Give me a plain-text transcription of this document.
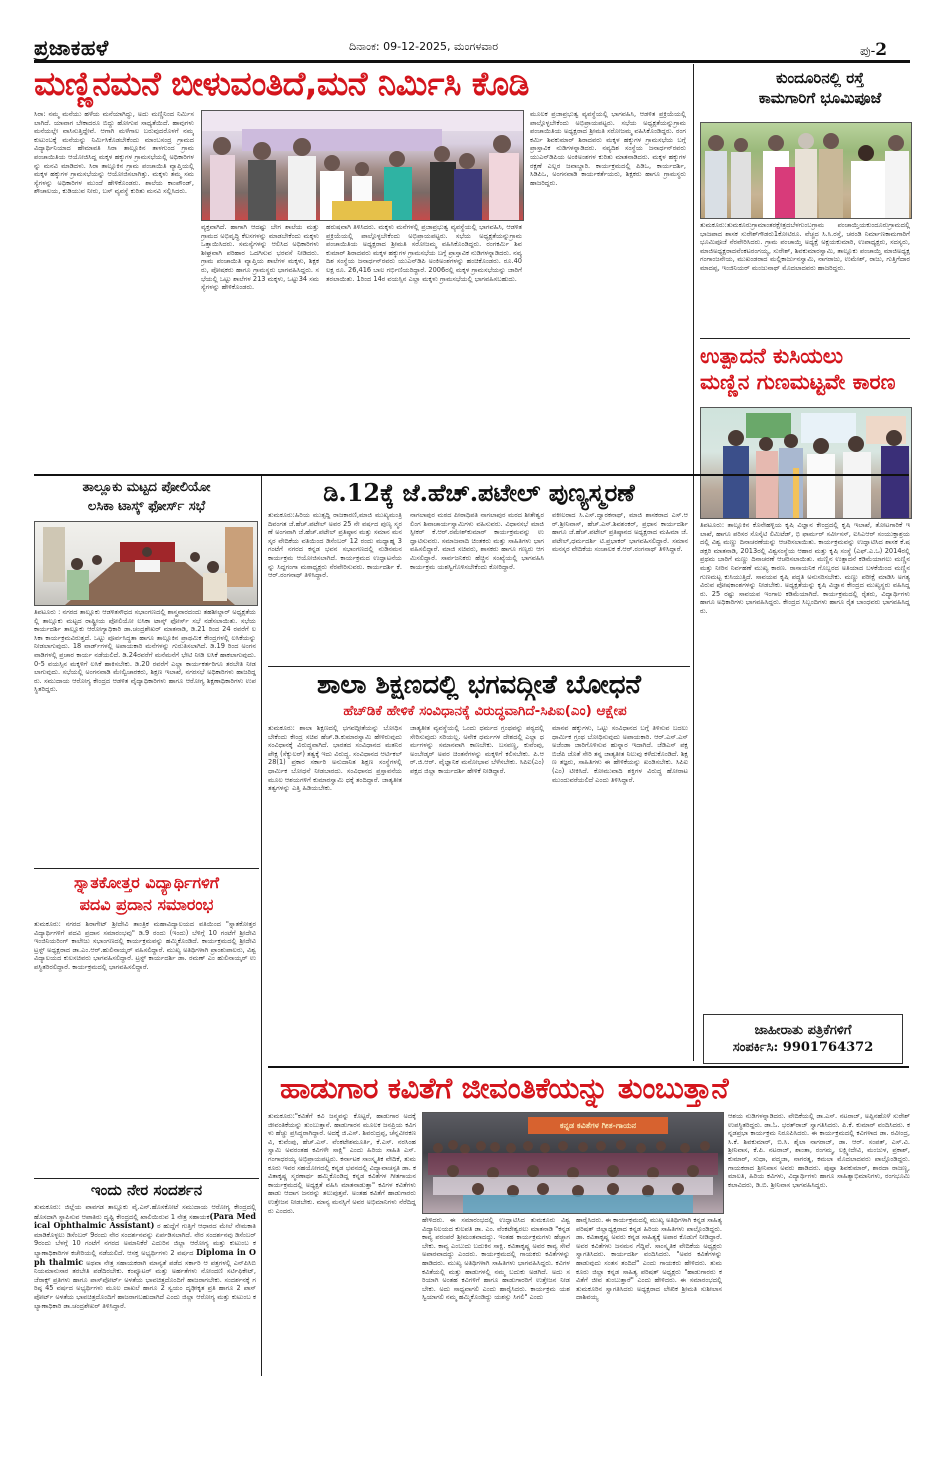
ಪ್ರಜಾಕಹಳೆ	ದಿನಾಂಕ: 09-12-2025, ಮಂಗಳವಾರ	ಪು-2
ಮಣ್ಣಿನಮನೆ ಬೀಳುವಂತಿದೆ,ಮನೆ ನಿರ್ಮಿಸಿ ಕೊಡಿ
ಸಿರಾ: ನಮ್ಮ ಮನೆಯು ಹಳೆಯ ಮನೆಯಾಗಿದ್ದು, ಅದು ಮಣ್ಣಿನಿಂದ ನಿರ್ಮಿಸಲಾಗಿದೆ. ಯಾವಾಗ ಬೇಕಾದರೂ ಬಿದ್ದು ಹೋಗುವ ಸಾಧ್ಯತೆಯಿದೆ. ಹಾವುಗಳು ಮನೆಯಲ್ಲೇ ವಾಸಿಸುತ್ತಿದ್ದೇವೆ. ಆಗಾಗಿ ಮಳೆಗಾಲ ಬರುವುದರೊಳಗೆ ನಮ್ಮಕುಟುಂಬಕ್ಕೆ ಮನೆಯನ್ನು ನಿರ್ಮಿಸಿಕೊಡಬೇಕೆಂದು ಮಾಂಬಸಂದ್ರ ಗ್ರಾಮದ ವಿದ್ಯಾರ್ಥಿನಿಯಾದ ಹೇಮಾವತಿ ಸಿರಾ ತಾಲ್ಲೂಕಿನ ತಾಳಗುಂದ ಗ್ರಾಮ ಪಂಚಾಯಿತಿಯ ಆಯೋಜಿಸಿದ್ದ ಮಕ್ಕಳ ಹಕ್ಕುಗಳ ಗ್ರಾಮಸಭೆಯಲ್ಲಿ ಅಧಿಕಾರಿಗಳನ್ನು ಮನವಿ ಮಾಡಿದಳು. ಸಿರಾ ತಾಲ್ಲೂಕಿನ ಗ್ರಾಮ ಪಂಚಾಯಿತಿ ವ್ಯಾಪ್ತಿಯಲ್ಲಿ ಮಕ್ಕಳ ಹಕ್ಕುಗಳ ಗ್ರಾಮಸಭೆಯನ್ನು ಆಯೋಜಿಸಲಾಗಿತ್ತು. ಮಕ್ಕಳು ತಮ್ಮ ಸಮಸ್ಯೆಗಳನ್ನು ಅಧಿಕಾರಿಗಳ ಮುಂದೆ ಹೇಳಿಕೊಂಡರು. ಶಾಲೆಯ ಕಾಂಪೌಂಡ್, ಶೌಚಾಲಯ, ಕುಡಿಯುವ ನೀರು, ಬಸ್ ವ್ಯವಸ್ಥೆ ಕುರಿತು ಮನವಿ ಸಲ್ಲಿಸಿದರು.
ವ್ಯಕ್ತವಾಗಿದೆ. ಹಾಗಾಗಿ ಆದಷ್ಟು ಬೇಗ ಶಾಲೆಯ ಮತ್ತು ಗ್ರಾಮದ ಅಭಿವೃದ್ಧಿ ಕೆಲಸಗಳನ್ನು ಮಾಡಬೇಕೆಂದು ಮಕ್ಕಳು ಒತ್ತಾಯಿಸಿದರು. ಸಮಸ್ಯೆಗಳನ್ನು ಆಲಿಸಿದ ಅಧಿಕಾರಿಗಳು ಶೀಘ್ರವಾಗಿ ಪರಿಹಾರ ಒದಗಿಸುವ ಭರವಸೆ ನೀಡಿದರು. ಗ್ರಾಮ ಪಂಚಾಯಿತಿ ವ್ಯಾಪ್ತಿಯ ಶಾಲೆಗಳ ಮಕ್ಕಳು, ಶಿಕ್ಷಕರು, ಪೋಷಕರು ಹಾಗೂ ಗ್ರಾಮಸ್ಥರು ಭಾಗವಹಿಸಿದ್ದರು. ಸಭೆಯಲ್ಲಿ ಒಟ್ಟು ಶಾಲೆಗಳ 213 ಮಕ್ಕಳು, ಒಟ್ಟು34 ಸಮಸ್ಯೆಗಳನ್ನು ಹೇಳಿಕೊಂಡರು.
ಹರುಷವಾಗಿ ತಿಳಿಸಿದರು. ಮಕ್ಕಳು ಮನೆಗಳಲ್ಲಿ ಪ್ರಜಾಪ್ರಭುತ್ವ ವ್ಯವಸ್ಥೆಯಲ್ಲಿ ಭಾಗವಹಿಸಿ, ಆಡಳಿತ ಪ್ರಕ್ರಿಯೆಯಲ್ಲಿ ಪಾಲ್ಗೊಳ್ಳಬೇಕೆಂದು ಅಭಿಪ್ರಾಯಪಟ್ಟರು. ಸಭೆಯ ಅಧ್ಯಕ್ಷತೆಯನ್ನುಗ್ರಾಮ ಪಂಚಾಯಿತಿಯ ಅಧ್ಯಕ್ಷರಾದ ಶ್ರೀಮತಿ ಸರೋಜಮ್ಮ ವಹಿಸಿಕೊಂಡಿದ್ದರು. ರಂಗಕರ್ಮಿ ಶಿವಕುಮಾರ್ ಶಿರಾದವರು ಮಕ್ಕಳ ಹಕ್ಕುಗಳ ಗ್ರಾಮಸಭೆಯ ಬಗ್ಗೆ ಪ್ರಾಸ್ತಾವಿಕ ನುಡಿಗಳನ್ನಾಡಿದರು. ನವ್ಯದಿಶ ಸಂಸ್ಥೆಯ ಜನಾರ್ಧನ್‌ರವರು ಯುಎನ್‌ಡಿಪಿ ಅಂಕಿಅಂಶಗಳನ್ನು ಹಂಚಿಕೊಂಡರು. ರೂ.40 ಲಕ್ಷ ರೂ. 26,416 ಬಾಲ ಗರ್ಭಿಣಿಯರಿದ್ದಾರೆ. 2006ರಲ್ಲಿ ಮಕ್ಕಳ ಗ್ರಾಮಸಭೆಯನ್ನು ಜಾರಿಗೆ ತರಲಾಯಿತು. 1ರಿಂದ 14ರ ವಯಸ್ಸಿನ ಎಲ್ಲಾ ಮಕ್ಕಳು ಗ್ರಾಮಸಭೆಯಲ್ಲಿ ಭಾಗವಹಿಸಬಹುದು.
ಮೂಲಕ ಪ್ರಜಾಪ್ರಭುತ್ವ ವ್ಯವಸ್ಥೆಯಲ್ಲಿ ಭಾಗವಹಿಸಿ, ಆಡಳಿತ ಪ್ರಕ್ರಿಯೆಯಲ್ಲಿ ಪಾಲ್ಗೊಳ್ಳಬೇಕೆಂದು ಅಭಿಪ್ರಾಯಪಟ್ಟರು. ಸಭೆಯ ಅಧ್ಯಕ್ಷತೆಯನ್ನುಗ್ರಾಮ ಪಂಚಾಯಿತಿಯ ಅಧ್ಯಕ್ಷರಾದ ಶ್ರೀಮತಿ ಸರೋಜಮ್ಮ ವಹಿಸಿಕೊಂಡಿದ್ದರು. ರಂಗಕರ್ಮಿ ಶಿವಕುಮಾರ್ ಶಿರಾದವರು ಮಕ್ಕಳ ಹಕ್ಕುಗಳ ಗ್ರಾಮಸಭೆಯ ಬಗ್ಗೆ ಪ್ರಾಸ್ತಾವಿಕ ನುಡಿಗಳನ್ನಾಡಿದರು. ನವ್ಯದಿಶ ಸಂಸ್ಥೆಯ ಜನಾರ್ಧನ್‌ರವರು ಯುಎನ್‌ಡಿಪಿಯ ಅಂಕಿಅಂಶಗಳ ಕುರಿತು ಮಾತನಾಡಿದರು. ಮಕ್ಕಳ ಹಕ್ಕುಗಳ ರಕ್ಷಣೆ ಎಲ್ಲರ ಜವಾಬ್ದಾರಿ. ಕಾರ್ಯಕ್ರಮದಲ್ಲಿ ಪಿಡಿಒ, ಕಾರ್ಯದರ್ಶಿ, ಸಿಡಿಪಿಒ, ಅಂಗನವಾಡಿ ಕಾರ್ಯಕರ್ತೆಯರು, ಶಿಕ್ಷಕರು ಹಾಗೂ ಗ್ರಾಮಸ್ಥರು ಹಾಜರಿದ್ದರು.
ಕುಂದೂರಿನಲ್ಲಿ ರಸ್ತೆ
ಕಾಮಗಾರಿಗೆ ಭೂಮಿಪೂಜೆ
ತುಮಕೂರು:ತುಮಕೂರುಗ್ರಾಮಾಂತರಕ್ಷೇತ್ರದಬೆಳಗುಂಬಗ್ರಾಮ ಪಂಚಾಯ್ತಿಯಕುಂದೂರುಗ್ರಾಮದಲ್ಲಿ ಭಾಜಪಾದ ಶಾಸಕ ಸುರೇಶ್‌ಗೌಡರು1ಕೋಟಿರೂ. ವೆಚ್ಚದ ಸಿ.ಸಿ.ರಸ್ತೆ, ಚರಂಡಿ ನಿರ್ಮಾಣಕಾಮಗಾರಿಗೆ ಭೂಮಿಪೂಜೆ ನೆರವೇರಿಸಿದರು. ಗ್ರಾಮ ಪಂಚಾಯ್ತಿ ಅಧ್ಯಕ್ಷೆ ಅಕ್ಷಯಕುಮಾರಿ, ಉಪಾಧ್ಯಕ್ಷರು, ಸದಸ್ಯರು, ಮಾಜಿಅಧ್ಯಕ್ಷರಾದವೆಂಕಟರಂಗಯ್ಯ, ಸುರೇಶ್, ಶಿವಕುಮಾರಸ್ವಾಮಿ, ತಾಲ್ಲೂಕು ಪಂಚಾಯ್ತಿ ಮಾಜಿಅಧ್ಯಕ್ಷಗಂಗಾಂಜನೇಯ, ಮುಖಂಡರಾದ ಮಲ್ಲಿಕಾರ್ಜುನಸ್ವಾಮಿ, ನಾಗರಾಜು, ಉಮೇಶ್, ರಾಜು, ಗುತ್ತಿಗೆದಾರ ಮಾದಪ್ಪ, ಇಂಜಿನಿಯರ್ ಮಂಜುನಾಥ್ ಮೊದಲಾದವರು ಹಾಜರಿದ್ದರು.
ಉತ್ಪಾದನೆ ಕುಸಿಯಲು
ಮಣ್ಣಿನ ಗುಣಮಟ್ಟವೇ ಕಾರಣ
ತಿಪಟೂರು: ತಾಲ್ಲೂಕಿನ ಕೊನೇಹಳ್ಳಿಯ ಕೃಷಿ ವಿಜ್ಞಾನ ಕೇಂದ್ರದಲ್ಲಿ ಕೃಷಿ ಇಲಾಖೆ, ತೋಟಗಾರಿಕೆ ಇಲಾಖೆ, ಹಾಗೂ ಪರಿಸರ ಸೊಸೈಟಿ ಲಿಮಿಟೆಡ್, ಭಿ ಫಾರ್ಮರ್ ಸರ್ವೀಸಸ್, ಐಸಿಎಆರ್ ಸಂಯುಕ್ತಾಶ್ರಯದಲ್ಲಿ ವಿಶ್ವ ಮಣ್ಣು ದಿನಾಚರಣೆಯನ್ನು ಆಚರಿಸಲಾಯಿತು. ಕಾರ್ಯಕ್ರಮವನ್ನು ಉದ್ಘಾಟಿಸಿದ ಶಾಸಕ ಕೆ.ಷಡಕ್ಷರಿ ಮಾತನಾಡಿ, 2013ರಲ್ಲಿ ವಿಶ್ವಸಂಸ್ಥೆಯ ಆಹಾರ ಮತ್ತು ಕೃಷಿ ಸಂಸ್ಥೆ (ಎಫ್.ಎ.ಒ) 2014ರಲ್ಲಿ ಪ್ರಥಮ ಬಾರಿಗೆ ಮಣ್ಣು ದಿನಾಚರಣೆ ಆಚರಿಸಲಾಯಿತು. ಮಣ್ಣಿನ ಉತ್ಪಾದನೆ ಕಡಿಮೆಯಾಗಲು ಮಣ್ಣಿನ ಮತ್ತು ನೀರಿನ ನಿರ್ವಹಣೆ ಮುಖ್ಯ ಕಾರಣ. ರಾಸಾಯನಿಕ ಗೊಬ್ಬರದ ಅತಿಯಾದ ಬಳಕೆಯಿಂದ ಮಣ್ಣಿನ ಗುಣಮಟ್ಟ ಕುಸಿಯುತ್ತಿದೆ. ಸಾವಯವ ಕೃಷಿ ಪದ್ಧತಿ ಅನುಸರಿಸಬೇಕು. ಮಣ್ಣು ಪರೀಕ್ಷೆ ಮಾಡಿಸಿ ಅಗತ್ಯವಿರುವ ಪೋಷಕಾಂಶಗಳನ್ನು ನೀಡಬೇಕು. ಅಧ್ಯಕ್ಷತೆಯನ್ನು ಕೃಷಿ ವಿಜ್ಞಾನ ಕೇಂದ್ರದ ಮುಖ್ಯಸ್ಥರು ವಹಿಸಿದ್ದರು. 25 ರಷ್ಟು ಸಾವಯವ ಇಂಗಾಲ ಕಡಿಮೆಯಾಗಿದೆ. ಕಾರ್ಯಕ್ರಮದಲ್ಲಿ ರೈತರು, ವಿದ್ಯಾರ್ಥಿಗಳು ಹಾಗೂ ಅಧಿಕಾರಿಗಳು ಭಾಗವಹಿಸಿದ್ದರು. ಕೇಂದ್ರದ ಸಿಬ್ಬಂದಿಗಳು ಹಾಗೂ ರೈತ ಬಾಂಧವರು ಭಾಗವಹಿಸಿದ್ದರು.
ಜಾಹೀರಾತು ಪತ್ರಿಕೆಗಳಿಗೆ
ಸಂಪರ್ಕಿಸಿ: 9901764372
ತಾಲ್ಲೂಕು ಮಟ್ಟದ ಪೋಲಿಯೋ
ಲಸಿಕಾ ಟಾಸ್ಕ್ ಫೋರ್ಸ್ ಸಭೆ
ತಿಪಟೂರು : ನಗರದ ತಾಲ್ಲೂಕು ಆಡಳಿತಸೌಧದ ಸಭಾಂಗಣದಲ್ಲಿ ಶಾಸ್ತ್ರವಾರದಂದು ತಹಶೀಲ್ದಾರ್ ಅಧ್ಯಕ್ಷತೆಯಲ್ಲಿ ತಾಲ್ಲೂಕು ಮಟ್ಟದ ರಾಷ್ಟ್ರೀಯ ಪೋಲಿಯೋ ಲಸಿಕಾ ಟಾಸ್ಕ್ ಫೋರ್ಸ್ ಸಭೆ ನಡೆಸಲಾಯಿತು. ಸಭೆಯ ಕಾರ್ಯದರ್ಶಿ ತಾಲ್ಲೂಕು ಆರೋಗ್ಯಾಧಿಕಾರಿ ಡಾ.ಚಂದ್ರಶೇಖರ್ ಮಾತನಾಡಿ, ಡಿ.21 ರಿಂದ 24 ರವರೆಗೆ ಲಸಿಕಾ ಕಾರ್ಯಕ್ರಮವಿರುತ್ತದೆ. ಒಟ್ಟು ಪೂರ್ವಸಿದ್ಧತಾ ಹಾಗೂ ತಾಲ್ಲೂಕಿನ ಪ್ರಾಥಮಿಕ ಕೇಂದ್ರಗಳಲ್ಲಿ ಲಸಿಕೆಯನ್ನು ನೀಡಲಾಗುವುದು. 18 ವಾರ್ಡ್‌ಗಳಲ್ಲಿ ಅಪಾಯಕಾರಿ ಮನೆಗಳನ್ನು ಗುರುತಿಸಲಾಗಿದೆ. ಡಿ.19 ರಿಂದ ಅಂಗನವಾಡಿಗಳಲ್ಲಿ ಪ್ರಚಾರ ಕಾರ್ಯ ನಡೆಯಲಿದೆ. ಡಿ.24ರವರೆಗೆ ಮನೆಮನೆಗೆ ಭೇಟಿ ನೀಡಿ ಲಸಿಕೆ ಹಾಕಲಾಗುವುದು. 0-5 ವಯಸ್ಸಿನ ಮಕ್ಕಳಿಗೆ ಲಸಿಕೆ ಹಾಕಿಸಬೇಕು. ಡಿ.20 ರವರೆಗೆ ಎಲ್ಲಾ ಕಾರ್ಯಕರ್ತರಿಗೂ ತರಬೇತಿ ನೀಡಲಾಗುವುದು. ಸಭೆಯಲ್ಲಿ ಅಂಗನವಾಡಿ ಮೇಲ್ವಿಚಾರಕರು, ಶಿಕ್ಷಣ ಇಲಾಖೆ, ನಗರಸಭೆ ಅಧಿಕಾರಿಗಳು ಹಾಜರಿದ್ದರು. ಸಮುದಾಯ ಆರೋಗ್ಯ ಕೇಂದ್ರದ ಆಡಳಿತ ವೈದ್ಯಾಧಿಕಾರಿಗಳು ಹಾಗೂ ಆರೋಗ್ಯ ಶಿಕ್ಷಣಾಧಿಕಾರಿಗಳು ಉಪಸ್ಥಿತರಿದ್ದರು.
ಸ್ನಾತಕೋತ್ತರ ವಿದ್ಯಾರ್ಥಿಗಳಿಗೆ
ಪದವಿ ಪ್ರದಾನ ಸಮಾರಂಭ
ತುಮಕೂರು: ನಗರದ ಶಿರಾಗೇಟ್ ಶ್ರೀದೇವಿ ತಾಂತ್ರಿಕ ಮಹಾವಿದ್ಯಾಲಯದ ವತಿಯಿಂದ "ಸ್ನಾತಕೋತ್ತರ ವಿದ್ಯಾರ್ಥಿಗಳಿಗೆ ಪದವಿ ಪ್ರದಾನ ಸಮಾರಂಭವು" ಡಿ.9 ರಂದು (ಇಂದು) ಬೆಳಿಗ್ಗೆ 10 ಗಂಟೆಗೆ ಶ್ರೀದೇವಿ ಇಂಜಿನಿಯರಿಂಗ್ ಕಾಲೇಜು ಸಭಾಂಗಣದಲ್ಲಿ ಕಾರ್ಯಕ್ರಮವನ್ನು ಹಮ್ಮಿಕೊಂಡಿದೆ. ಕಾರ್ಯಕ್ರಮದಲ್ಲಿ ಶ್ರೀದೇವಿ ಟ್ರಸ್ಟ್ ಅಧ್ಯಕ್ಷರಾದ ಡಾ.ಎಂ.ಆರ್.ಹುಲಿನಾಯ್ಕರ್ ವಹಿಸಲಿದ್ದಾರೆ. ಮುಖ್ಯ ಅತಿಥಿಗಳಾಗಿ ಪ್ರಾಂಶುಪಾಲರು, ವಿಶ್ವವಿದ್ಯಾಲಯದ ಕುಲಸಚಿವರು ಭಾಗವಹಿಸಲಿದ್ದಾರೆ. ಟ್ರಸ್ಟ್ ಕಾರ್ಯದರ್ಶಿ ಡಾ. ರಮಣ್ ಎಂ ಹುಲಿನಾಯ್ಕರ್ ಉಪಸ್ಥಿತರಿರಲಿದ್ದಾರೆ. ಕಾರ್ಯಕ್ರಮದಲ್ಲಿ ಭಾಗವಹಿಸಲಿದ್ದಾರೆ.
ಇಂದು ನೇರ ಸಂದರ್ಶನ
ತುಮಕೂರು: ಜಿಲ್ಲೆಯ ಪಾವಗಡ ತಾಲ್ಲೂಕು ವೈ.ಎನ್.ಹೊಸಕೋಟೆ ಸಮುದಾಯ ಆರೋಗ್ಯ ಕೇಂದ್ರದಲ್ಲಿ ಹೊಸದಾಗಿ ಸ್ಥಾಪಿಸುವ ಆಪಾತಿರು ದೃಷ್ಟಿ ಕೇಂದ್ರದಲ್ಲಿ ಖಾಲಿಯಿರುವ 1 ನೇತ್ರ ಸಹಾಯಕ(Para Medical Ophthalmic Assistant) ರ ಹುದ್ದೆಗೆ ಗುತ್ತಿಗೆ ಆಧಾರದ ಮೇಲೆ ನೇಮಕಾತಿ ಮಾಡಿಕೊಳ್ಳಲು ಡಿಸೆಂಬರ್ 9ರಂದು ನೇರ ಸಂದರ್ಶನವನ್ನು ಏರ್ಪಡಿಸಲಾಗಿದೆ. ನೇರ ಸಂದರ್ಶನವು ಡಿಸೆಂಬರ್ 9ರಂದು ಬೆಳಗ್ಗೆ 10 ಗಂಟೆಗೆ ನಗರದ ಅಮಾನಿಕೆರೆ ಎದುರಿನ ಜಿಲ್ಲಾ ಆರೋಗ್ಯ ಮತ್ತು ಕುಟುಂಬ ಕಲ್ಯಾಣಾಧಿಕಾರಿಗಳ ಕಚೇರಿಯಲ್ಲಿ ನಡೆಯಲಿದೆ. ಆಸಕ್ತ ಅಭ್ಯರ್ಥಿಗಳು 2 ವರ್ಷದ Diploma in Oph thalmic ಅಥವಾ ನೇತ್ರ ಸಹಾಯಕರಾಗಿ ಮಾನ್ಯತೆ ಪಡೆದ ಸರ್ಕಾರಿ ಆ ಪತ್ರಗಳಲ್ಲಿ ಎನ್‌ಪಿಸಿಬಿ ನಿಯಮಾನುಸಾರ ತರಬೇತಿ ಪಡೆದಿರಬೇಕು. ಕಂಪ್ಯೂಟರ್ ಮತ್ತು ಅರ್ಹತೆಗಳು ನೋಂದಣಿ ಸರ್ಟಿಫಿಕೇಟ್, ಜೆರಾಕ್ಸ್ ಪ್ರತಿಗಳು ಹಾಗೂ ಪಾಸ್‌ಪೋರ್ಟ್ ಅಳತೆಯ ಭಾವಚಿತ್ರದೊಂದಿಗೆ ಹಾಜರಾಗಬೇಕು. ಸಂದರ್ಶನಕ್ಕೆ ಗರಿಷ್ಠ 45 ವರ್ಷದ ಅಭ್ಯರ್ಥಿಗಳು ಮೂಲ ದಾಖಲೆ ಹಾಗೂ 2 ಸ್ವಯಂ ದೃಢೀಕೃತ ಪ್ರತಿ ಹಾಗೂ 2 ಪಾಸ್ ಪೋರ್ಟ್ ಅಳತೆಯ ಭಾವಚಿತ್ರದೊಂದಿಗೆ ಹಾಜರಾಗಬಹುದಾಗಿದೆ ಎಂದು ಜಿಲ್ಲಾ ಆರೋಗ್ಯ ಮತ್ತು ಕುಟುಂಬ ಕಲ್ಯಾಣಾಧಿಕಾರಿ ಡಾ.ಚಂದ್ರಶೇಖರ್ ತಿಳಿಸಿದ್ದಾರೆ.
ಡಿ.12ಕ್ಕೆ ಜೆ.ಹೆಚ್.ಪಟೇಲ್ ಪುಣ್ಯಸ್ಮರಣೆ
ತುಮಕೂರು:ಹಿರಿಯ ಮುತ್ಸದ್ದಿ ರಾಜಕಾರಣಿ,ಮಾಜಿ ಮುಖ್ಯಮಂತ್ರಿ ದಿವಂಗತ ಜೆ.ಹೆಚ್.ಪಟೇಲ್ ಅವರ 25 ನೇ ವರ್ಷದ ಪುಣ್ಯ ಸ್ಮರಣೆ ಅಂಗವಾಗಿ ಜೆ.ಹೆಚ್.ಪಟೇಲ್ ಪ್ರತಿಷ್ಠಾನ ಮತ್ತು ಸಮಾನ ಮನಸ್ಕರ ವೇದಿಕೆಯ ವತಿಯಿಂದ ಡಿಸೆಂಬರ್ 12 ರಂದು ಮಧ್ಯಾಹ್ನ 3 ಗಂಟೆಗೆ ನಗರದ ಕನ್ನಡ ಭವನ ಸಭಾಂಗಣದಲ್ಲಿ ನುಡಿನಮನ ಕಾರ್ಯಕ್ರಮ ಆಯೋಜಿಸಲಾಗಿದೆ. ಕಾರ್ಯಕ್ರಮದ ಉದ್ಘಾಟನೆಯನ್ನು ಸಿದ್ದಗಂಗಾ ಮಠಾಧ್ಯಕ್ಷರು ನೆರವೇರಿಸುವರು. ಕಾರ್ಯದರ್ಶಿ ಕೆ.ಆರ್.ರಂಗನಾಥ್ ತಿಳಿಸಿದ್ದಾರೆ.
ನಾಗಲಾಪುರ ಮಠದ ಪೀಠಾಧಿಪತಿ ನಾಗಲಾಪುರ ಮಠದ ಶೀತೇಶ್ವರಲಿಂಗ ಶಿವಾಚಾರ್ಯಸ್ವಾಮಿಗಳು ವಹಿಸುವರು. ವಿಧಾನಸಭೆ ಮಾಜಿ ಸ್ಪೀಕರ್ ಕೆ.ಆರ್.ರಮೇಶ್‌ಕುಮಾರ್ ಕಾರ್ಯಕ್ರಮವನ್ನು ಉದ್ಘಾಟಿಸುವರು. ಸಮಾಜವಾದಿ ಚಿಂತಕರು ಮತ್ತು ಸಾಹಿತಿಗಳು ಭಾಗವಹಿಸಲಿದ್ದಾರೆ. ಮಾಜಿ ಸಚಿವರು, ಶಾಸಕರು ಹಾಗೂ ಗಣ್ಯರು ಆಗಮಿಸಲಿದ್ದಾರೆ. ಸಾರ್ವಜನಿಕರು ಹೆಚ್ಚಿನ ಸಂಖ್ಯೆಯಲ್ಲಿ ಭಾಗವಹಿಸಿ ಕಾರ್ಯಕ್ರಮ ಯಶಸ್ವಿಗೊಳಿಸಬೇಕೆಂದು ಕೋರಿದ್ದಾರೆ.
ವಕೀಲರಾದ ಸಿ.ಎಸ್.ದ್ವಾರಕನಾಥ್, ಮಾಜಿ ಶಾಸಕರಾದ ಎಸ್.ಆರ್.ಶ್ರೀನಿವಾಸ್, ಹೆಚ್.ಎಸ್.ಶಿವಶಂಕರ್, ಪ್ರಧಾನ ಕಾರ್ಯದರ್ಶಿ ಹಾಗೂ ಜೆ.ಹೆಚ್.ಪಟೇಲ್ ಪ್ರತಿಷ್ಠಾನದ ಅಧ್ಯಕ್ಷರಾದ ಮಹಿಮಾ ಜೆ.ಪಟೇಲ್,ಧರ್ಮದರ್ಶಿ ಟಿ.ಪ್ರಭಾಕರ್ ಭಾಗವಹಿಸಲಿದ್ದಾರೆ. ಸಮಾನ ಮನಸ್ಕರ ವೇದಿಕೆಯ ಸಂಚಾಲಕ ಕೆ.ಆರ್.ರಂಗನಾಥ್ ತಿಳಿಸಿದ್ದಾರೆ.
ಶಾಲಾ ಶಿಕ್ಷಣದಲ್ಲಿ ಭಗವದ್ಗೀತೆ ಬೋಧನೆ
ಹೆಚ್‌ಡಿಕೆ ಹೇಳಿಕೆ ಸಂವಿಧಾನಕ್ಕೆ ವಿರುದ್ಧವಾಗಿದೆ-ಸಿಪಿಐ(ಎಂ) ಆಕ್ಷೇಪ
ತುಮಕೂರು: ಶಾಲಾ ಶಿಕ್ಷಣದಲ್ಲಿ ಭಗವದ್ಗೀತೆಯನ್ನು ಬೋಧಿಸಬೇಕೆಂದು ಕೇಂದ್ರ ಸಚಿವ ಹೆಚ್.ಡಿ.ಕುಮಾರಸ್ವಾಮಿ ಹೇಳಿರುವುದು ಸಂವಿಧಾನಕ್ಕೆ ವಿರುದ್ಧವಾಗಿದೆ. ಭಾರತದ ಸಂವಿಧಾನದ ಮತನಿರಪೇಕ್ಷ (ಸೆಕ್ಯುಲರ್) ತತ್ವಕ್ಕೆ ಇದು ವಿರುದ್ಧ. ಸಂವಿಧಾನದ ಆರ್ಟಿಕಲ್ 28(1) ಪ್ರಕಾರ ಸರ್ಕಾರಿ ಅನುದಾನಿತ ಶಿಕ್ಷಣ ಸಂಸ್ಥೆಗಳಲ್ಲಿ ಧಾರ್ಮಿಕ ಬೋಧನೆ ನೀಡಬಾರದು. ಸಂವಿಧಾನದ ಪ್ರಸ್ತಾವನೆಯ ಮೂಲ ಆಶಯಗಳಿಗೆ ಕುಮಾರಸ್ವಾಮಿ ಧಕ್ಕೆ ತಂದಿದ್ದಾರೆ. ಜಾತ್ಯತೀತ ತತ್ವಗಳನ್ನು ಎತ್ತಿ ಹಿಡಿಯಬೇಕು.
ಜಾತ್ಯತೀತ ವ್ಯವಸ್ಥೆಯಲ್ಲಿ ಒಂದು ಧರ್ಮದ ಗ್ರಂಥವನ್ನು ಪಠ್ಯದಲ್ಲಿ ಸೇರಿಸುವುದು ಸರಿಯಲ್ಲ. ಅನೇಕ ಧರ್ಮಗಳ ದೇಶದಲ್ಲಿ ಎಲ್ಲಾ ಧರ್ಮಗಳನ್ನು ಸಮಾನವಾಗಿ ಕಾಣಬೇಕು. ಬಸವಣ್ಣ, ಕುವೆಂಪು, ಅಂಬೇಡ್ಕರ್ ಅವರ ಚಿಂತನೆಗಳನ್ನು ಮಕ್ಕಳಿಗೆ ಕಲಿಸಬೇಕು. ಪಿ.ಆರ್.ಜಿ.ಆರ್. ವೈಜ್ಞಾನಿಕ ಮನೋಭಾವ ಬೆಳೆಸಬೇಕು. ಸಿಪಿಐ(ಎಂ) ಪಕ್ಷದ ಜಿಲ್ಲಾ ಕಾರ್ಯದರ್ಶಿ ಹೇಳಿಕೆ ನೀಡಿದ್ದಾರೆ.
ಮಾನವ ಹಕ್ಕುಗಳು, ಒಟ್ಟು ಸಂವಿಧಾನದ ಬಗ್ಗೆ ತಿಳಿಸುವ ಬದಲು ಧಾರ್ಮಿಕ ಗ್ರಂಥ ಬೋಧಿಸುವುದು ಅಪಾಯಕಾರಿ. ಆರ್.ಎಸ್.ಎಸ್ ಅಜೆಂಡಾ ಜಾರಿಗೊಳಿಸುವ ಹುನ್ನಾರ ಇದಾಗಿದೆ. ಜೆಡಿಎಸ್ ಪಕ್ಷ ಬಿಜೆಪಿ ಜೊತೆ ಸೇರಿ ತನ್ನ ಜಾತ್ಯತೀತ ನಿಲುವು ಕಳೆದುಕೊಂಡಿದೆ. ಶಿಕ್ಷಣ ತಜ್ಞರು, ಸಾಹಿತಿಗಳು ಈ ಹೇಳಿಕೆಯನ್ನು ಖಂಡಿಸಬೇಕು. ಸಿಪಿಐ(ಎಂ) ಟೀಕಿಸಿದೆ. ಕೋಮುವಾದಿ ಶಕ್ತಿಗಳ ವಿರುದ್ಧ ಹೋರಾಟ ಮುಂದುವರೆಯಲಿದೆ ಎಂದು ತಿಳಿಸಿದ್ದಾರೆ.
ಹಾಡುಗಾರ ಕವಿತೆಗೆ ಜೀವಂತಿಕೆಯನ್ನು ತುಂಬುತ್ತಾನೆ
ತುಮಕೂರು:"ಕವಿತೆಗೆ ಕವಿ ಜನ್ಮವನ್ನು ಕೊಟ್ಟರೆ, ಹಾಡುಗಾರ ಅದಕ್ಕೆ ಜೀವಂತಿಕೆಯನ್ನು ತುಂಬುತ್ತಾನೆ. ಹಾಡುಗಾರನ ಮೂಲಕ ಜನಪ್ರಿಯ ಕವಿಗಳು ಹೆಚ್ಚು ಪ್ರಸಿದ್ಧರಾಗಿದ್ದಾರೆ. ಅದಕ್ಕೆ ಜಿ.ಎಸ್. ಶಿವರುದ್ರಪ್ಪ, ಚೆನ್ನವೀರಕಣವಿ, ಕುವೆಂಪು, ಹೆಚ್.ಎಸ್. ವೆಂಕಟೇಶಮೂರ್ತಿ, ಕೆ.ಎಸ್. ನರಸಿಂಹಸ್ವಾಮಿ ಅವರಂತಹ ಕವಿಗಳೇ ಸಾಕ್ಷಿ" ಎಂದು ಹಿರಿಯ ಸಾಹಿತಿ ಎಸ್.ಗಂಗಾಧರಯ್ಯ ಅಭಿಪ್ರಾಯಪಟ್ಟರು. ಕರ್ನಾಟಕ ಸಾಂಸ್ಕೃತಿಕ ವೇದಿಕೆ, ತುಮಕೂರು ಇವರ ಸಹಯೋಗದಲ್ಲಿ ಕನ್ನಡ ಭವನದಲ್ಲಿ ವಿದ್ಯಾವಾಚಸ್ಪತಿ ಡಾ. ಕವಿತಾಕೃಷ್ಣ ಸ್ಮರಣಾರ್ಥ ಹಮ್ಮಿಕೊಂಡಿದ್ದ ಕನ್ನಡ ಕವಿತೆಗಳ ಗೀತಗಾಯನ ಕಾರ್ಯಕ್ರಮದಲ್ಲಿ ಅಧ್ಯಕ್ಷತೆ ವಹಿಸಿ ಮಾತನಾಡುತ್ತಾ" ಕವಿಗಳ ಕವಿತೆಗಳು ಹಾಡು ಆದಾಗ ಜನರನ್ನು ತಲುಪುತ್ತವೆ. ಅಂತಹ ಕವಿತೆಗೆ ಹಾಡುಗಾರರು ಉತ್ತೇಜನ ನೀಡಬೇಕು. ಮಾನ್ಯ ಮನಸ್ಸಿಗೆ ಅವರ ಅಭಿಮಾನಿಗಳು ನೆರೆದಿದ್ದರು ಎಂದರು.
ಕನ್ನಡ ಕವಿತೆಗಳ ಗೀತ-ಗಾಯನ
ಹೇಳಿದರು. ಈ ಸಮಾರಂಭದಲ್ಲಿ ಉದ್ಘಾಟಿಸಿದ ತುಮಕೂರು ವಿಶ್ವವಿದ್ಯಾನಿಲಯದ ಕುಲಪತಿ ಡಾ. ಎಂ. ವೆಂಕಟೇಶ್ವರಲು ಮಾತನಾಡಿ "ಕನ್ನಡ ಕಾವ್ಯ ಪರಂಪರೆ ಶ್ರೀಮಂತವಾದದ್ದು. ಇಂತಹ ಕಾರ್ಯಕ್ರಮಗಳು ಹೆಚ್ಚಾಗಬೇಕು. ಕಾವ್ಯ ಎಂಬುದು ಬದುಕಿನ ಸಾಕ್ಷಿ. ಕವಿತಾಕೃಷ್ಣ ಅವರ ಕಾವ್ಯ ಸೇವೆ ಅಪಾರವಾದದ್ದು ಎಂದರು. ಕಾರ್ಯಕ್ರಮದಲ್ಲಿ ಗಾಯಕರು ಕವಿತೆಗಳನ್ನು ಹಾಡಿದರು. ಮುಖ್ಯ ಅತಿಥಿಗಳಾಗಿ ಸಾಹಿತಿಗಳು ಭಾಗವಹಿಸಿದ್ದರು. ಕವಿಗಳ ಕವಿತೆಯಲ್ಲಿ ಮತ್ತು ಹಾಡುಗಳಲ್ಲಿ ನಮ್ಮ ಬದುಕು ಅಡಗಿದೆ. ಅದು ಸರಿಯಾಗಿ ಅಂತಹ ಕವಿಗಳಿಗೆ ಹಾಗೂ ಹಾಡುಗಾರರಿಗೆ ಉತ್ತೇಜನ ನೀಡಬೇಕು. ಅದು ಸಾಧ್ಯವಾಗಲಿ ಎಂದು ಹಾರೈಸಿದರು. ಕಾರ್ಯಕ್ರಮ ಯಶಸ್ವಿಯಾಗಲಿ ನಮ್ಮ ಹಮ್ಮಿಕೊಂಡಿದ್ದು ಯಶಸ್ಸು ಸಿಗಲಿ" ಎಂದು
ಹಾರೈಸಿದರು. ಈ ಕಾರ್ಯಕ್ರಮದಲ್ಲಿ ಮುಖ್ಯ ಅತಿಥಿಗಳಾಗಿ ಕನ್ನಡ ಸಾಹಿತ್ಯ ಪರಿಷತ್ ಜಿಲ್ಲಾಧ್ಯಕ್ಷರಾದ ಕನ್ನಡ ಹಿರಿಯ ಸಾಹಿತಿಗಳು ಪಾಲ್ಗೊಂಡಿದ್ದರು. ಡಾ. ಕವಿತಾಕೃಷ್ಣ ಅವರು ಕನ್ನಡ ಸಾಹಿತ್ಯಕ್ಕೆ ಅಪಾರ ಕೊಡುಗೆ ನೀಡಿದ್ದಾರೆ. ಅವರ ಕವಿತೆಗಳು ಜನಮನ ಗೆದ್ದಿವೆ. ಸಾಂಸ್ಕೃತಿಕ ವೇದಿಕೆಯ ಅಧ್ಯಕ್ಷರು ಸ್ವಾಗತಿಸಿದರು. ಕಾರ್ಯದರ್ಶಿ ವಂದಿಸಿದರು. "ಅವರ ಕವಿತೆಗಳನ್ನು ಹಾಡುವುದು ಸಂತಸ ತಂದಿದೆ" ಎಂದು ಗಾಯಕರು ಹೇಳಿದರು. ತುಮಕೂರು ಜಿಲ್ಲಾ ಕನ್ನಡ ಸಾಹಿತ್ಯ ಪರಿಷತ್ ಅಧ್ಯಕ್ಷರು "ಹಾಡುಗಾರರು ಕವಿತೆಗೆ ಜೀವ ತುಂಬುತ್ತಾರೆ" ಎಂದು ಹೇಳಿದರು. ಈ ಸಮಾರಂಭದಲ್ಲಿ ತುಮಕೂರಿನ ಸ್ವಾಗತಿಸಿದರು ಅಧ್ಯಕ್ಷರಾದ ಲೇಖಿಕ ಶ್ರೀಮತಿ ಸುಶೀಲಾಸದಾಶಿವಯ್ಯ
ಆಶಯ ನುಡಿಗಳನ್ನಾಡಿದರು. ವೇದಿಕೆಯಲ್ಲಿ ಡಾ.ಎಸ್. ನಟರಾಜ್, ಅಪ್ಪಿನಹೊಳೆ ಸುರೇಶ್ ಉಪಸ್ಥಿತರಿದ್ದರು. ಡಾ.ಓ. ಭರತ್‌ರಾಜ್ ಸ್ವಾಗತಿಸಿದರು. ಪಿ.ಕೆ. ಕುಮಾರ್ ವಂದಿಸಿದರು. ಕನ್ನಡಪ್ರಭಾ ಕಾರ್ಯಕ್ರಮ ನಿರೂಪಿಸಿದರು. ಈ ಕಾರ್ಯಕ್ರಮದಲ್ಲಿ ಕವಿಗಳಾದ ಡಾ. ರವೀಂದ್ರ, ಸಿ.ಕೆ. ಶಿವಕುಮಾರ್, ಬಿ.ಸಿ. ಶೈಲಾ ನಾಗರಾಜ್, ಡಾ. ಆರ್. ಸಂಪತ್, ಎಸ್.ವಿ. ಶ್ರೀನಿವಾಸ, ಕೆ.ಪಿ. ನಟರಾಜ್, ಶಾಂತಾ, ರಂಗಮ್ಮ, ಲಕ್ಷ್ಮೀದೇವಿ, ಮಂಜುಳ, ಪ್ರಕಾಶ್, ಕುಮಾರ್, ಸುಧಾ, ಪದ್ಮಜಾ, ನಾಗರತ್ನ, ಕಮಲಾ ಮೊದಲಾದವರು ಪಾಲ್ಗೊಂಡಿದ್ದರು. ಗಾಯಕರಾದ ಶ್ರೀನಿವಾಸ ಅವರು ಹಾಡಿದರು. ಪುಷ್ಪಾ ಶಿವಕುಮಾರ್, ಶಾರದಾ ರಾಜಣ್ಣ, ಮಾಲತಿ, ಹಿರಿಯ ಕವಿಗಳು, ವಿದ್ಯಾರ್ಥಿಗಳು ಹಾಗೂ ಸಾಹಿತ್ಯಾಭಿಮಾನಿಗಳು, ರಂಗಭೂಮಿ ಕಲಾವಿದರು, ಡಿ.ಬಿ. ಶ್ರೀನಿವಾಸ ಭಾಗವಹಿಸಿದ್ದರು.
